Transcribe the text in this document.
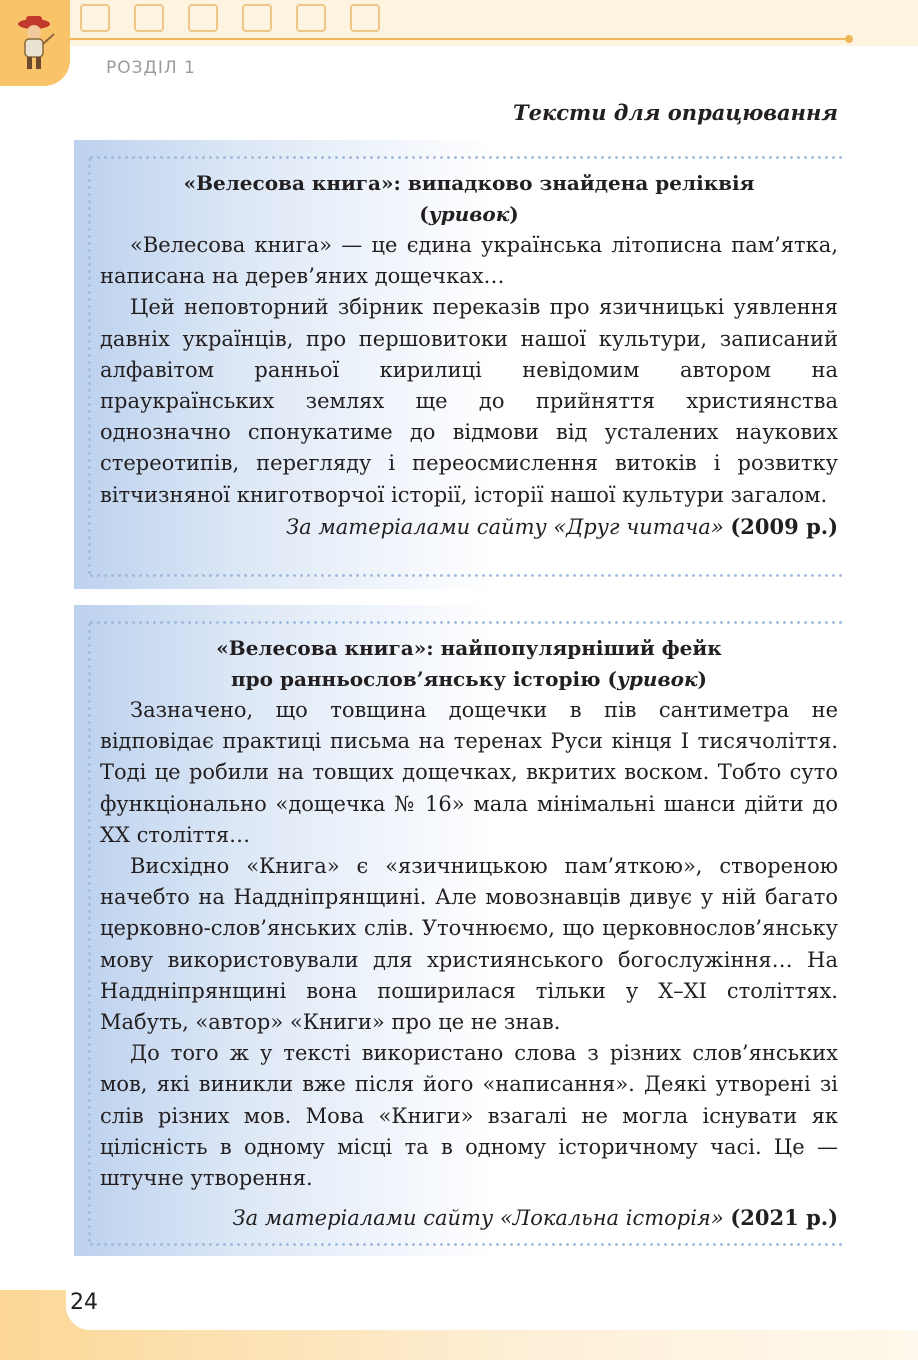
РОЗДІЛ 1
Тексти для опрацювання
«Велесова книга»: випадково знайдена реліквія
(уривок)

«Велесова книга» — це єдина українська літописна пам’ятка, написана на дерев’яних дощечках…

Цей неповторний збірник переказів про язичницькі уявлення давніх українців, про першовитоки нашої культури, записаний алфавітом ранньої кирилиці невідомим автором на праукраїнських землях ще до прийняття християнства однозначно спонукатиме до відмови від усталених наукових стереотипів, перегляду і переосмислення витоків і розвитку вітчизняної книготворчої історії, історії нашої культури загалом.

За матеріалами сайту «Друг читача» (2009 р.)

«Велесова книга»: найпопулярніший фейк
про ранньослов’янську історію (уривок)

Зазначено, що товщина дощечки в пів сантиметра не відповідає практиці письма на теренах Руси кінця I тисячоліття. Тоді це робили на товщих дощечках, вкритих воском. Тобто суто функціонально «дощечка № 16» мала мінімальні шанси дійти до XX століття…

Висхідно «Книга» є «язичницькою пам’яткою», створеною начебто на Наддніпрянщині. Але мовознавців дивує у ній багато церковно-слов’янських слів. Уточнюємо, що церковнослов’янську мову використовували для християнського богослужіння… На Наддніпрянщині вона поширилася тільки у X–XI століттях. Мабуть, «автор» «Книги» про це не знав.

До того ж у тексті використано слова з різних слов’янських мов, які виникли вже після його «написання». Деякі утворені зі слів різних мов. Мова «Книги» взагалі не могла існувати як цілісність в одному місці та в одному історичному часі. Це — штучне утворення.

За матеріалами сайту «Локальна історія» (2021 р.)

24
